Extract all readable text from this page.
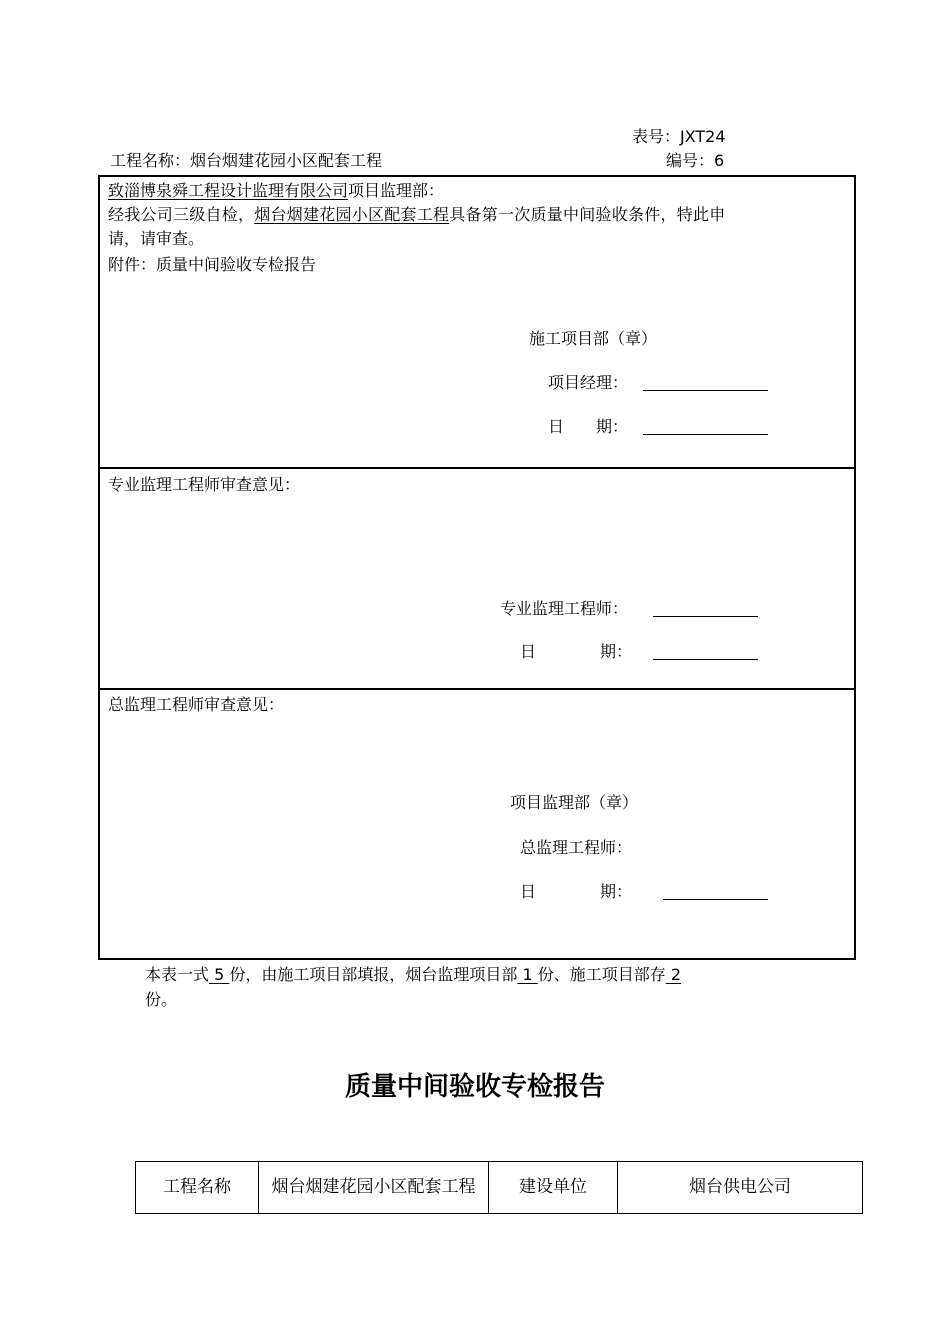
表号：JXT24
工程名称：烟台烟建花园小区配套工程	编号：6
致淄博泉舜工程设计监理有限公司项目监理部：
经我公司三级自检，烟台烟建花园小区配套工程具备第一次质量中间验收条件，特此申
请，请审查。
附件：质量中间验收专检报告
施工项目部（章）
项目经理：
日　　期：
专业监理工程师审查意见：
专业监理工程师：
日　　　　期：
总监理工程师审查意见：
项目监理部（章）
总监理工程师：
日　　　　期：
本表一式 5 份，由施工项目部填报，烟台监理项目部 1 份、施工项目部存 2
份。
质量中间验收专检报告
工程名称	烟台烟建花园小区配套工程	建设单位	烟台供电公司
